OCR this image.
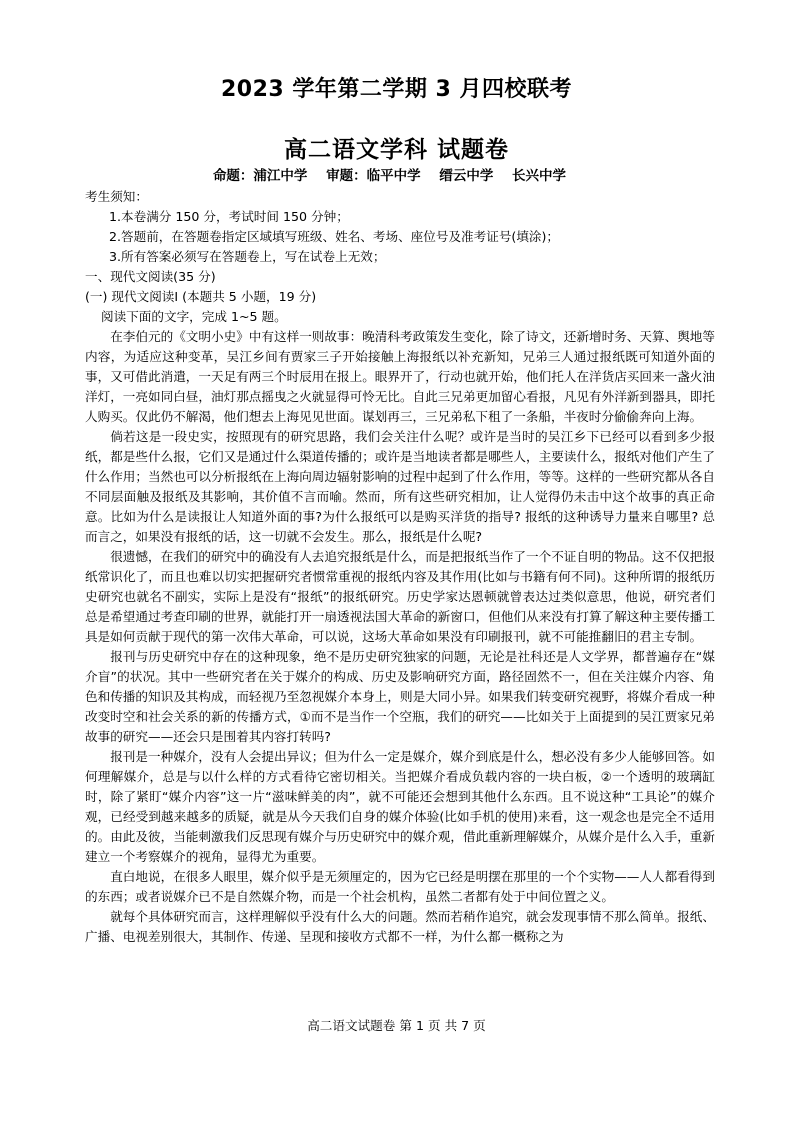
2023 学年第二学期 3 月四校联考
高二语文学科 试题卷
命题：浦江中学 审题：临平中学 缙云中学 长兴中学

考生须知：

1.本卷满分 150 分，考试时间 150 分钟；

2.答题前，在答题卷指定区域填写班级、姓名、考场、座位号及准考证号(填涂)；

3.所有答案必须写在答题卷上，写在试卷上无效；

一、现代文阅读(35 分)

(一) 现代文阅读Ⅰ (本题共 5 小题，19 分)

阅读下面的文字，完成 1~5 题。

在李伯元的《文明小史》中有这样一则故事：晚清科考政策发生变化，除了诗文，还新增时务、天算、舆地等内容，为适应这种变革，吴江乡间有贾家三子开始接触上海报纸以补充新知，兄弟三人通过报纸既可知道外面的事，又可借此消遣，一天足有两三个时辰用在报上。眼界开了，行动也就开始，他们托人在洋货店买回来一盏火油洋灯，一亮如同白昼，油灯那点摇曳之火就显得可怜无比。自此三兄弟更加留心看报，凡见有外洋新到器具，即托人购买。仅此仍不解渴，他们想去上海见见世面。谋划再三，三兄弟私下租了一条船，半夜时分偷偷奔向上海。

倘若这是一段史实，按照现有的研究思路，我们会关注什么呢？或许是当时的吴江乡下已经可以看到多少报纸，都是些什么报，它们又是通过什么渠道传播的；或许是当地读者都是哪些人，主要读什么，报纸对他们产生了什么作用；当然也可以分析报纸在上海向周边辐射影响的过程中起到了什么作用，等等。这样的一些研究都从各自不同层面触及报纸及其影响，其价值不言而喻。然而，所有这些研究相加，让人觉得仍未击中这个故事的真正命意。比如为什么是读报让人知道外面的事?为什么报纸可以是购买洋货的指导? 报纸的这种诱导力量来自哪里? 总而言之，如果没有报纸的话，这一切就不会发生。那么，报纸是什么呢?

很遗憾，在我们的研究中的确没有人去追究报纸是什么，而是把报纸当作了一个不证自明的物品。这不仅把报纸常识化了，而且也难以切实把握研究者惯常重视的报纸内容及其作用(比如与书籍有何不同)。这种所谓的报纸历史研究也就名不副实，实际上是没有“报纸”的报纸研究。历史学家达恩顿就曾表达过类似意思，他说，研究者们总是希望通过考查印刷的世界，就能打开一扇透视法国大革命的新窗口，但他们从来没有打算了解这种主要传播工具是如何贡献于现代的第一次伟大革命，可以说，这场大革命如果没有印刷报刊，就不可能推翻旧的君主专制。

报刊与历史研究中存在的这种现象，绝不是历史研究独家的问题，无论是社科还是人文学界，都普遍存在“媒介盲”的状况。其中一些研究者在关于媒介的构成、历史及影响研究方面，路径固然不一，但在关注媒介内容、角色和传播的知识及其构成，而轻视乃至忽视媒介本身上，则是大同小异。如果我们转变研究视野，将媒介看成一种改变时空和社会关系的新的传播方式，①而不是当作一个空瓶，我们的研究——比如关于上面提到的吴江贾家兄弟故事的研究——还会只是围着其内容打转吗?

报刊是一种媒介，没有人会提出异议；但为什么一定是媒介，媒介到底是什么，想必没有多少人能够回答。如何理解媒介，总是与以什么样的方式看待它密切相关。当把媒介看成负载内容的一块白板，②一个透明的玻璃缸时，除了紧盯“媒介内容”这一片“滋味鲜美的肉”，就不可能还会想到其他什么东西。且不说这种“工具论”的媒介观，已经受到越来越多的质疑，就是从今天我们自身的媒介体验(比如手机的使用)来看，这一观念也是完全不适用的。由此及彼，当能刺激我们反思现有媒介与历史研究中的媒介观，借此重新理解媒介，从媒介是什么入手，重新建立一个考察媒介的视角，显得尤为重要。

直白地说，在很多人眼里，媒介似乎是无须厘定的，因为它已经是明摆在那里的一个个实物——人人都看得到的东西；或者说媒介已不是自然媒介物，而是一个社会机构，虽然二者都有处于中间位置之义。

就每个具体研究而言，这样理解似乎没有什么大的问题。然而若稍作追究，就会发现事情不那么简单。报纸、广播、电视差别很大，其制作、传递、呈现和接收方式都不一样，为什么都一概称之为

高二语文试题卷 第 1 页 共 7 页
